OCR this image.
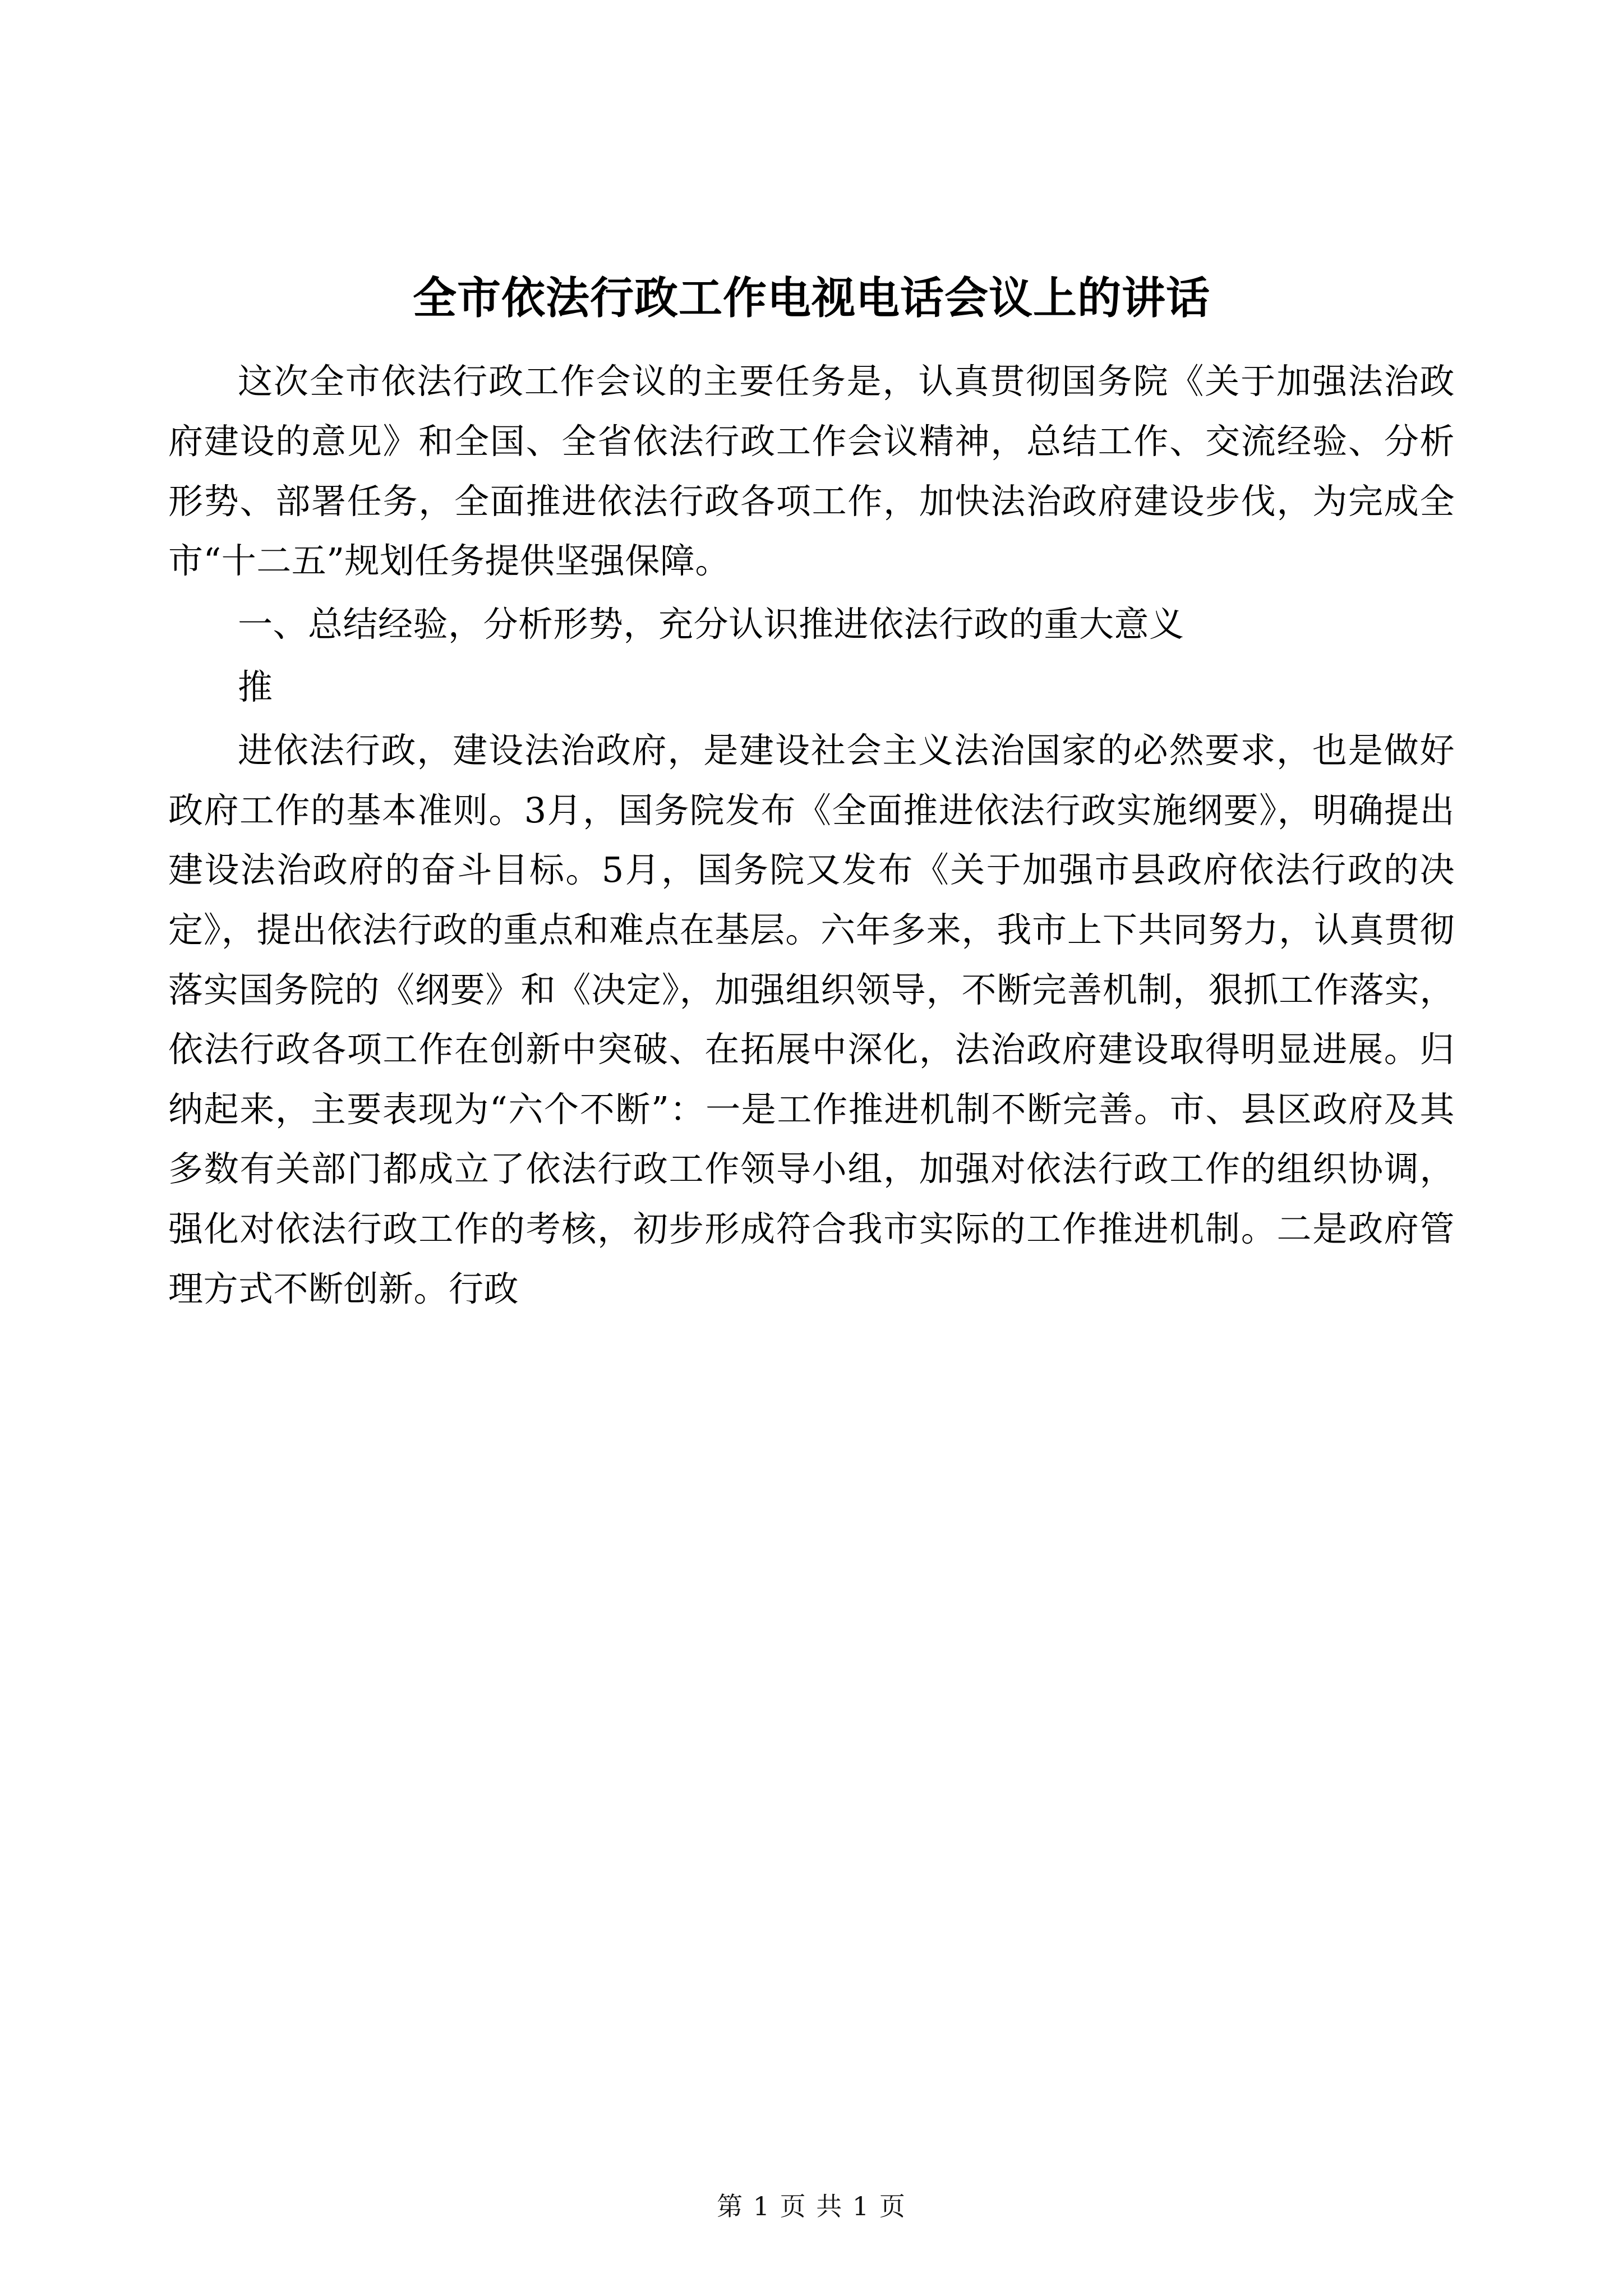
全市依法行政工作电视电话会议上的讲话

这次全市依法行政工作会议的主要任务是，认真贯彻国务院《关于加强法治政府建设的意见》和全国、全省依法行政工作会议精神，总结工作、交流经验、分析形势、部署任务，全面推进依法行政各项工作，加快法治政府建设步伐，为完成全市“十二五”规划任务提供坚强保障。

一、总结经验，分析形势，充分认识推进依法行政的重大意义

推

进依法行政，建设法治政府，是建设社会主义法治国家的必然要求，也是做好政府工作的基本准则。3月，国务院发布《全面推进依法行政实施纲要》，明确提出建设法治政府的奋斗目标。5月，国务院又发布《关于加强市县政府依法行政的决定》，提出依法行政的重点和难点在基层。六年多来，我市上下共同努力，认真贯彻落实国务院的《纲要》和《决定》，加强组织领导，不断完善机制，狠抓工作落实，依法行政各项工作在创新中突破、在拓展中深化，法治政府建设取得明显进展。归纳起来，主要表现为“六个不断”：一是工作推进机制不断完善。市、县区政府及其多数有关部门都成立了依法行政工作领导小组，加强对依法行政工作的组织协调，强化对依法行政工作的考核，初步形成符合我市实际的工作推进机制。二是政府管理方式不断创新。行政

第 1 页 共 1 页
